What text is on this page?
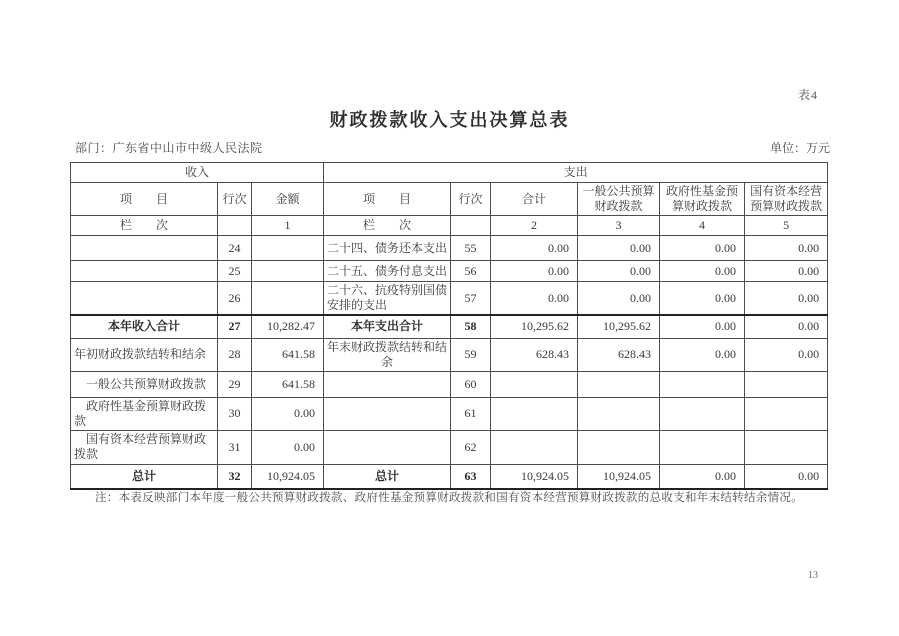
表4
财政拨款收入支出决算总表
部门：广东省中山市中级人民法院	单位：万元
收入			支出					
项　　目	行次	金额	项　　目	行次	合计	一般公共预算财政拨款	政府性基金预算财政拨款	国有资本经营预算财政拨款
栏　　次		1	栏　　次		2	3	4	5
	24		二十四、债务还本支出	55	0.00	0.00	0.00	0.00
	25		二十五、债务付息支出	56	0.00	0.00	0.00	0.00
	26		二十六、抗疫特别国债安排的支出	57	0.00	0.00	0.00	0.00
本年收入合计	27	10,282.47	本年支出合计	58	10,295.62	10,295.62	0.00	0.00
年初财政拨款结转和结余	28	641.58	年末财政拨款结转和结余	59	628.43	628.43	0.00	0.00
一般公共预算财政拨款	29	641.58		60				
政府性基金预算财政拨款	30	0.00		61				
国有资本经营预算财政拨款	31	0.00		62				
总计	32	10,924.05	总计	63	10,924.05	10,924.05	0.00	0.00
注：本表反映部门本年度一般公共预算财政拨款、政府性基金预算财政拨款和国有资本经营预算财政拨款的总收支和年末结转结余情况。
13
